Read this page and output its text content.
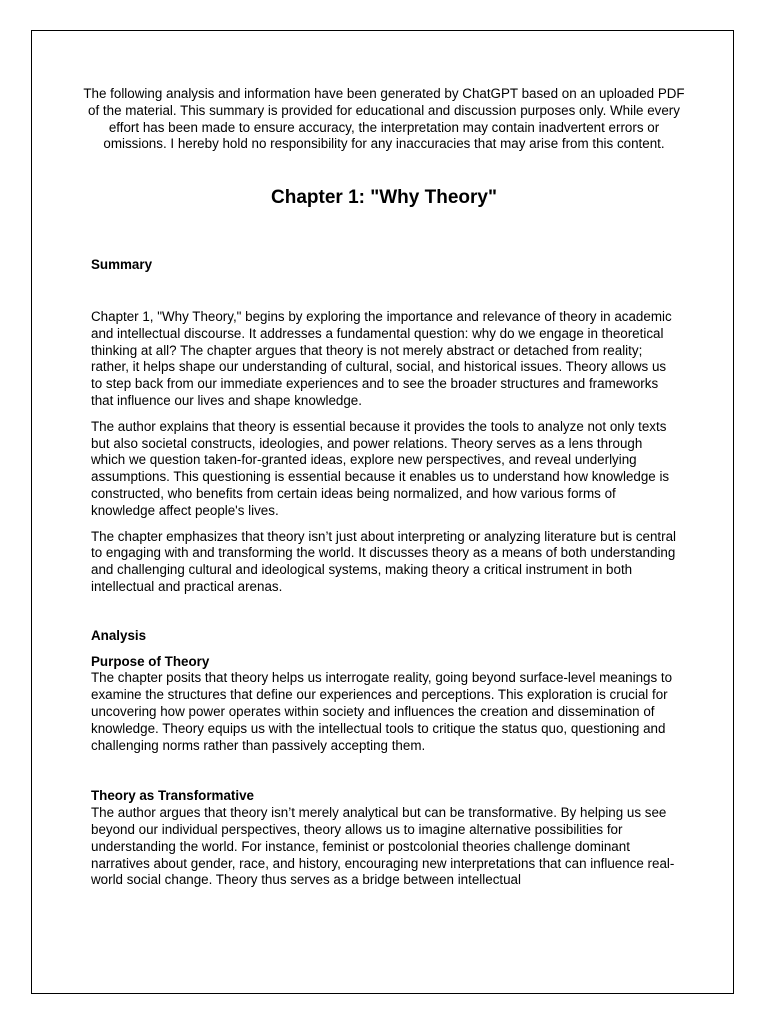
The following analysis and information have been generated by ChatGPT based on an uploaded PDF of the material. This summary is provided for educational and discussion purposes only. While every effort has been made to ensure accuracy, the interpretation may contain inadvertent errors or omissions. I hereby hold no responsibility for any inaccuracies that may arise from this content.

Chapter 1: "Why Theory"
Summary

Chapter 1, "Why Theory," begins by exploring the importance and relevance of theory in academic and intellectual discourse. It addresses a fundamental question: why do we engage in theoretical thinking at all? The chapter argues that theory is not merely abstract or detached from reality; rather, it helps shape our understanding of cultural, social, and historical issues. Theory allows us to step back from our immediate experiences and to see the broader structures and frameworks that influence our lives and shape knowledge.

The author explains that theory is essential because it provides the tools to analyze not only texts but also societal constructs, ideologies, and power relations. Theory serves as a lens through which we question taken-for-granted ideas, explore new perspectives, and reveal underlying assumptions. This questioning is essential because it enables us to understand how knowledge is constructed, who benefits from certain ideas being normalized, and how various forms of knowledge affect people's lives.

The chapter emphasizes that theory isn’t just about interpreting or analyzing literature but is central to engaging with and transforming the world. It discusses theory as a means of both understanding and challenging cultural and ideological systems, making theory a critical instrument in both intellectual and practical arenas.

Analysis
Purpose of Theory

The chapter posits that theory helps us interrogate reality, going beyond surface-level meanings to examine the structures that define our experiences and perceptions. This exploration is crucial for uncovering how power operates within society and influences the creation and dissemination of knowledge. Theory equips us with the intellectual tools to critique the status quo, questioning and challenging norms rather than passively accepting them.

Theory as Transformative

The author argues that theory isn’t merely analytical but can be transformative. By helping us see beyond our individual perspectives, theory allows us to imagine alternative possibilities for understanding the world. For instance, feminist or postcolonial theories challenge dominant narratives about gender, race, and history, encouraging new interpretations that can influence real-world social change. Theory thus serves as a bridge between intellectual
